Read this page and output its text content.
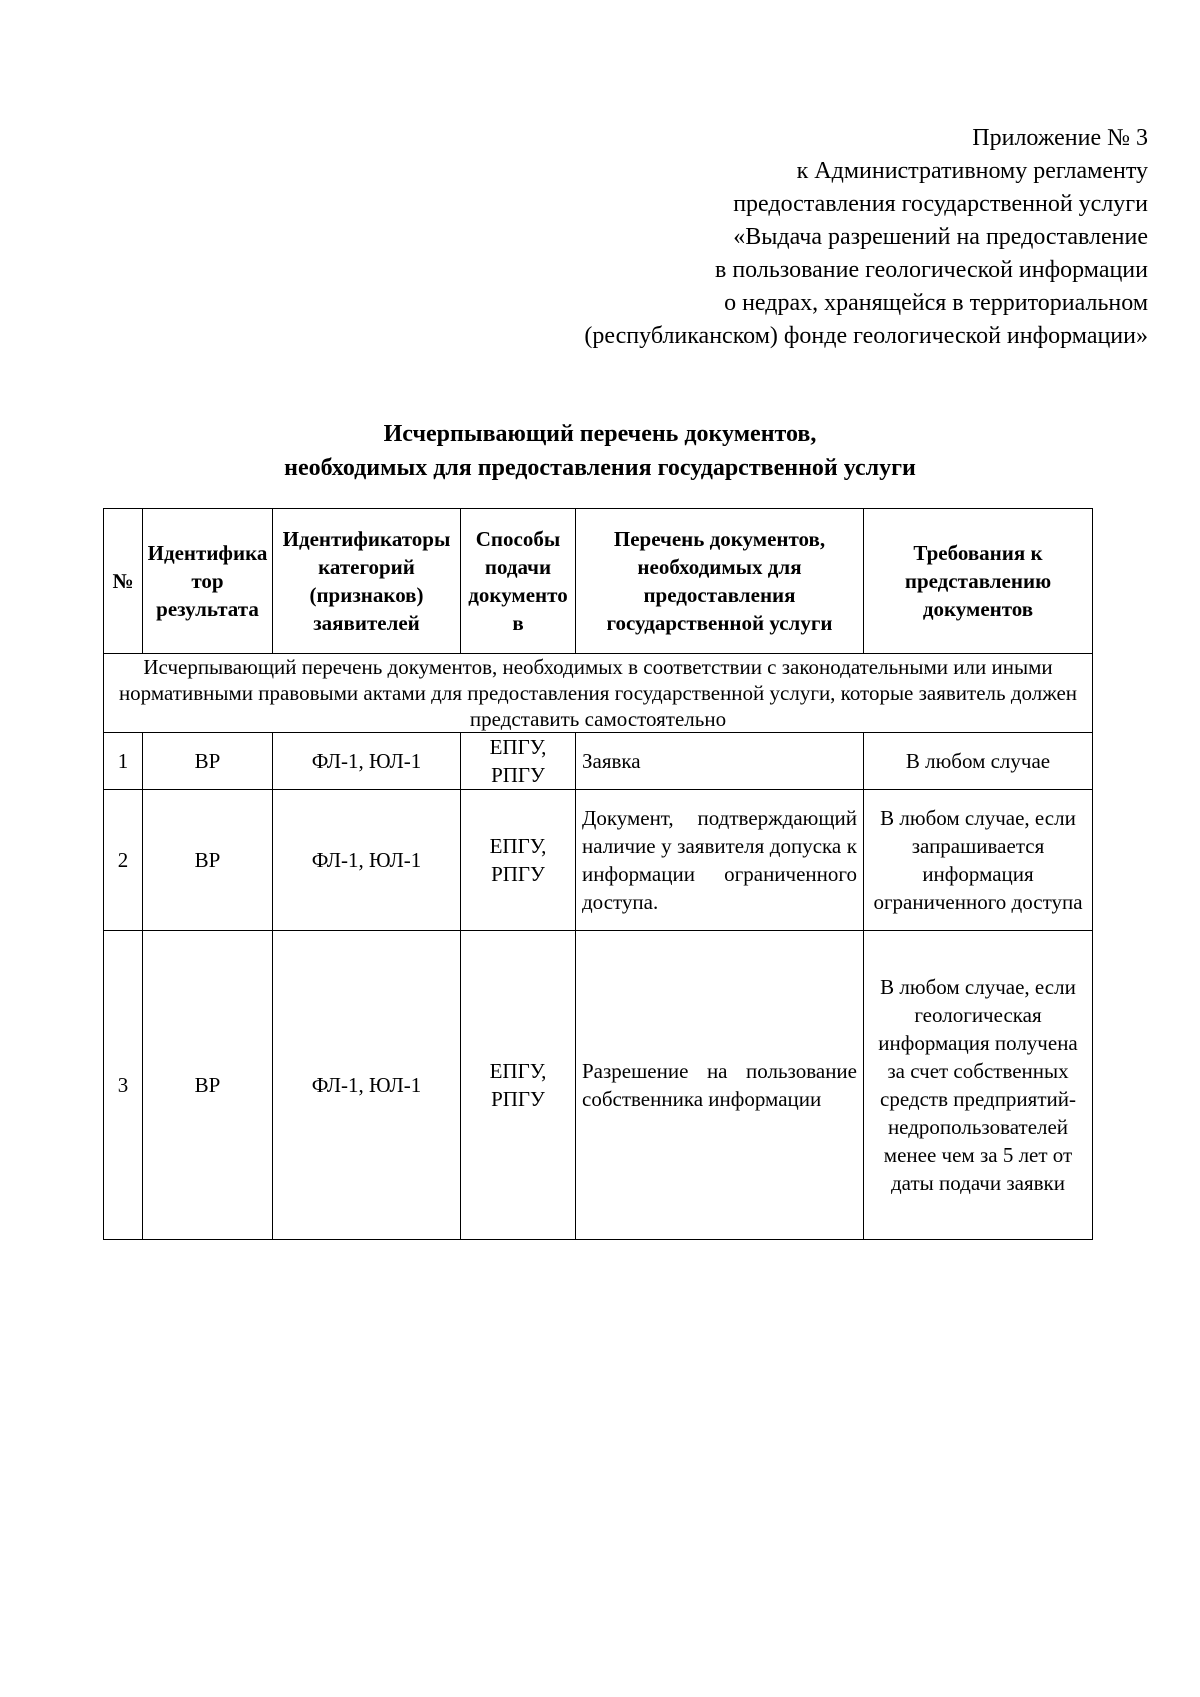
Приложение № 3
к Административному регламенту
предоставления государственной услуги
«Выдача разрешений на предоставление
в пользование геологической информации
о недрах, хранящейся в территориальном
(республиканском) фонде геологической информации»
Исчерпывающий перечень документов,
необходимых для предоставления государственной услуги
№	Идентификатор результата	Идентификаторы категорий (признаков) заявителей	Способы подачи документов	Перечень документов, необходимых для предоставления государственной услуги	Требования к представлению документов
Исчерпывающий перечень документов, необходимых в соответствии с законодательными или иными нормативными правовыми актами для предоставления государственной услуги, которые заявитель должен представить самостоятельно					
1	ВР	ФЛ-1, ЮЛ-1	ЕПГУ, РПГУ	Заявка	В любом случае
2	ВР	ФЛ-1, ЮЛ-1	ЕПГУ, РПГУ	Документ, подтверждающий наличие у заявителя допуска к информации ограниченного доступа.	В любом случае, если запрашивается информация ограниченного доступа
3	ВР	ФЛ-1, ЮЛ-1	ЕПГУ, РПГУ	Разрешение на пользование собственника информации	В любом случае, если геологическая информация получена за счет собственных средств предприятий-недропользователей менее чем за 5 лет от даты подачи заявки
